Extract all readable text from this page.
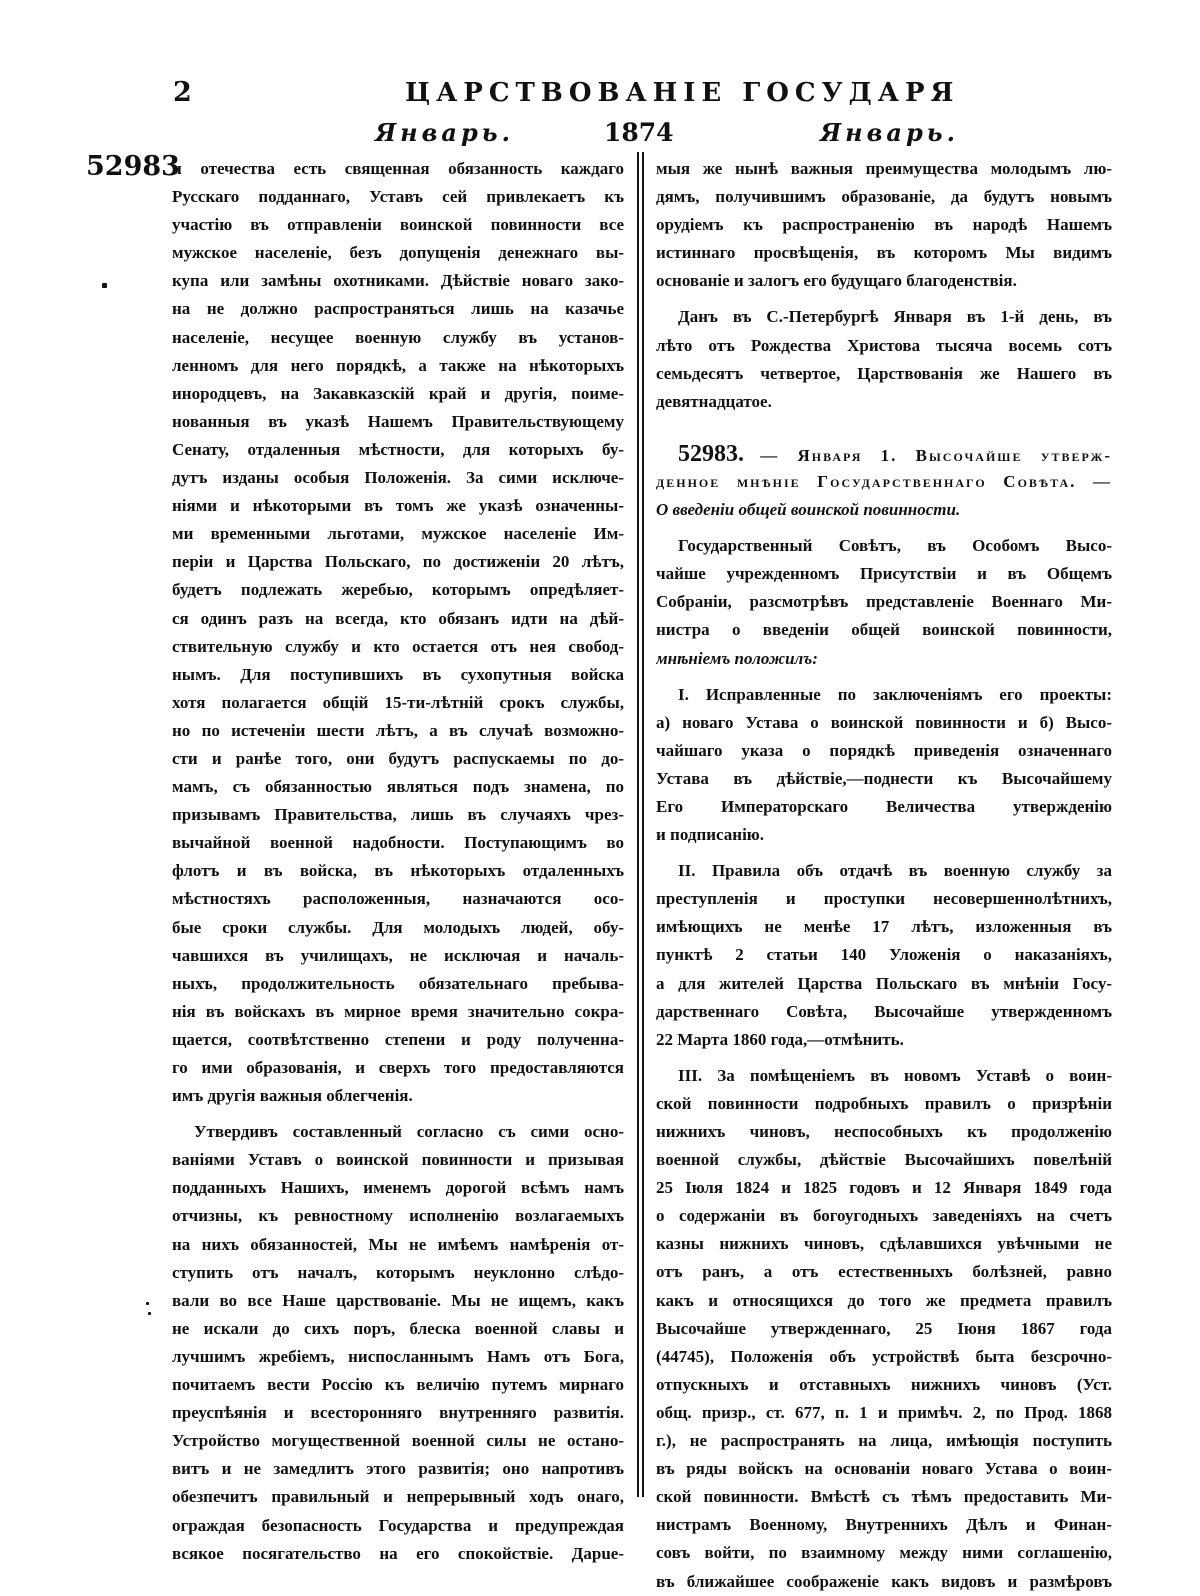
2	ЦАРСТВОВАНІЕ ГОСУДАРЯ
Январь.	1874	Январь.
52983
и отечества есть священная обязанность каждаго
Русскаго подданнаго, Уставъ сей привлекаетъ къ
участію въ отправленіи воинской повинности все
мужское населеніе, безъ допущенія денежнаго вы-
купа или замѣны охотниками. Дѣйствіе новаго зако-
на не должно распространяться лишь на казачье
населеніе, несущее военную службу въ установ-
ленномъ для него порядкѣ, а также на нѣкоторыхъ
инородцевъ, на Закавказскій край и другія, поиме-
нованныя въ указѣ Нашемъ Правительствующему
Сенату, отдаленныя мѣстности, для которыхъ бу-
дутъ изданы особыя Положенія. За сими исключе-
ніями и нѣкоторыми въ томъ же указѣ означенны-
ми временными льготами, мужское населеніе Им-
періи и Царства Польскаго, по достиженіи 20 лѣтъ,
будетъ подлежать жеребью, которымъ опредѣляет-
ся одинъ разъ на всегда, кто обязанъ идти на дѣй-
ствительную службу и кто остается отъ нея свобод-
нымъ. Для поступившихъ въ сухопутныя войска
хотя полагается общій 15-ти-лѣтній срокъ службы,
но по истеченіи шести лѣтъ, а въ случаѣ возможно-
сти и ранѣе того, они будутъ распускаемы по до-
мамъ, съ обязанностью являться подъ знамена, по
призывамъ Правительства, лишь въ случаяхъ чрез-
вычайной военной надобности. Поступающимъ во
флотъ и въ войска, въ нѣкоторыхъ отдаленныхъ
мѣстностяхъ расположенныя, назначаются осо-
бые сроки службы. Для молодыхъ людей, обу-
чавшихся въ училищахъ, не исключая и началь-
ныхъ, продолжительность обязательнаго пребыва-
нія въ войскахъ въ мирное время значительно сокра-
щается, соотвѣтственно степени и роду полученна-
го ими образованія, и сверхъ того предоставляются
имъ другія важныя облегченія.
Утвердивъ составленный согласно съ сими осно-
ваніями Уставъ о воинской повинности и призывая
подданныхъ Нашихъ, именемъ дорогой всѣмъ намъ
отчизны, къ ревностному исполненію возлагаемыхъ
на нихъ обязанностей, Мы не имѣемъ намѣренія от-
ступить отъ началъ, которымъ неуклонно слѣдо-
вали во все Наше царствованіе. Мы не ищемъ, какъ
не искали до сихъ поръ, блеска военной славы и
лучшимъ жребіемъ, ниспосланнымъ Намъ отъ Бога,
почитаемъ вести Россію къ величію путемъ мирнаго
преуспѣянія и всесторонняго внутренняго развитія.
Устройство могущественной военной силы не остано-
витъ и не замедлитъ этого развитія; оно напротивъ
обезпечитъ правильный и непрерывный ходъ онаго,
ограждая безопасность Государства и предупреждая
всякое посягательство на его спокойствіе. Дарue-
мыя же нынѣ важныя преимущества молодымъ лю-
дямъ, получившимъ образованіе, да будутъ новымъ
орудіемъ къ распространенію въ народѣ Нашемъ
истиннаго просвѣщенія, въ которомъ Мы видимъ
основаніе и залогъ его будущаго благоденствія.
Данъ въ С.-Петербургѣ Января въ 1-й день, въ
лѣто отъ Рождества Христова тысяча восемь сотъ
семьдесятъ четвертое, Царствованія же Нашего въ
девятнадцатое.
52983. — Января 1. Высочайше утверж-
денное мнѣніе Государственнаго Совѣта. —
О введеніи общей воинской повинности.
Государственный Совѣтъ, въ Особомъ Высо-
чайше учрежденномъ Присутствіи и въ Общемъ
Собраніи, разсмотрѣвъ представленіе Военнаго Ми-
нистра о введеніи общей воинской повинности,
мнѣніемъ положилъ:
I. Исправленные по заключеніямъ его проекты:
а) новаго Устава о воинской повинности и б) Высо-
чайшаго указа о порядкѣ приведенія означеннаго
Устава въ дѣйствіе,—поднести къ Высочайшему
Его Императорскаго Величества утвержденію
и подписанію.
II. Правила объ отдачѣ въ военную службу за
преступленія и проступки несовершеннолѣтнихъ,
имѣющихъ не менѣе 17 лѣтъ, изложенныя въ
пунктѣ 2 статьи 140 Уложенія о наказаніяхъ,
а для жителей Царства Польскаго въ мнѣніи Госу-
дарственнаго Совѣта, Высочайше утвержденномъ
22 Марта 1860 года,—отмѣнить.
III. За помѣщеніемъ въ новомъ Уставѣ о воин-
ской повинности подробныхъ правилъ о призрѣніи
нижнихъ чиновъ, неспособныхъ къ продолженію
военной службы, дѣйствіе Высочайшихъ повелѣній
25 Іюля 1824 и 1825 годовъ и 12 Января 1849 года
о содержаніи въ богоугодныхъ заведеніяхъ на счетъ
казны нижнихъ чиновъ, сдѣлавшихся увѣчными не
отъ ранъ, а отъ естественныхъ болѣзней, равно
какъ и относящихся до того же предмета правилъ
Высочайше утвержденнаго, 25 Іюня 1867 года
(44745), Положенія объ устройствѣ быта безсрочно-
отпускныхъ и отставныхъ нижнихъ чиновъ (Уст.
общ. призр., ст. 677, п. 1 и примѣч. 2, по Прод. 1868
г.), не распространять на лица, имѣющія поступить
въ ряды войскъ на основаніи новаго Устава о воин-
ской повинности. Вмѣстѣ съ тѣмъ предоставить Ми-
нистрамъ Военному, Внутреннихъ Дѣлъ и Финан-
совъ войти, по взаимному между ними соглашенію,
въ ближайшее соображеніе какъ видовъ и размѣровъ
